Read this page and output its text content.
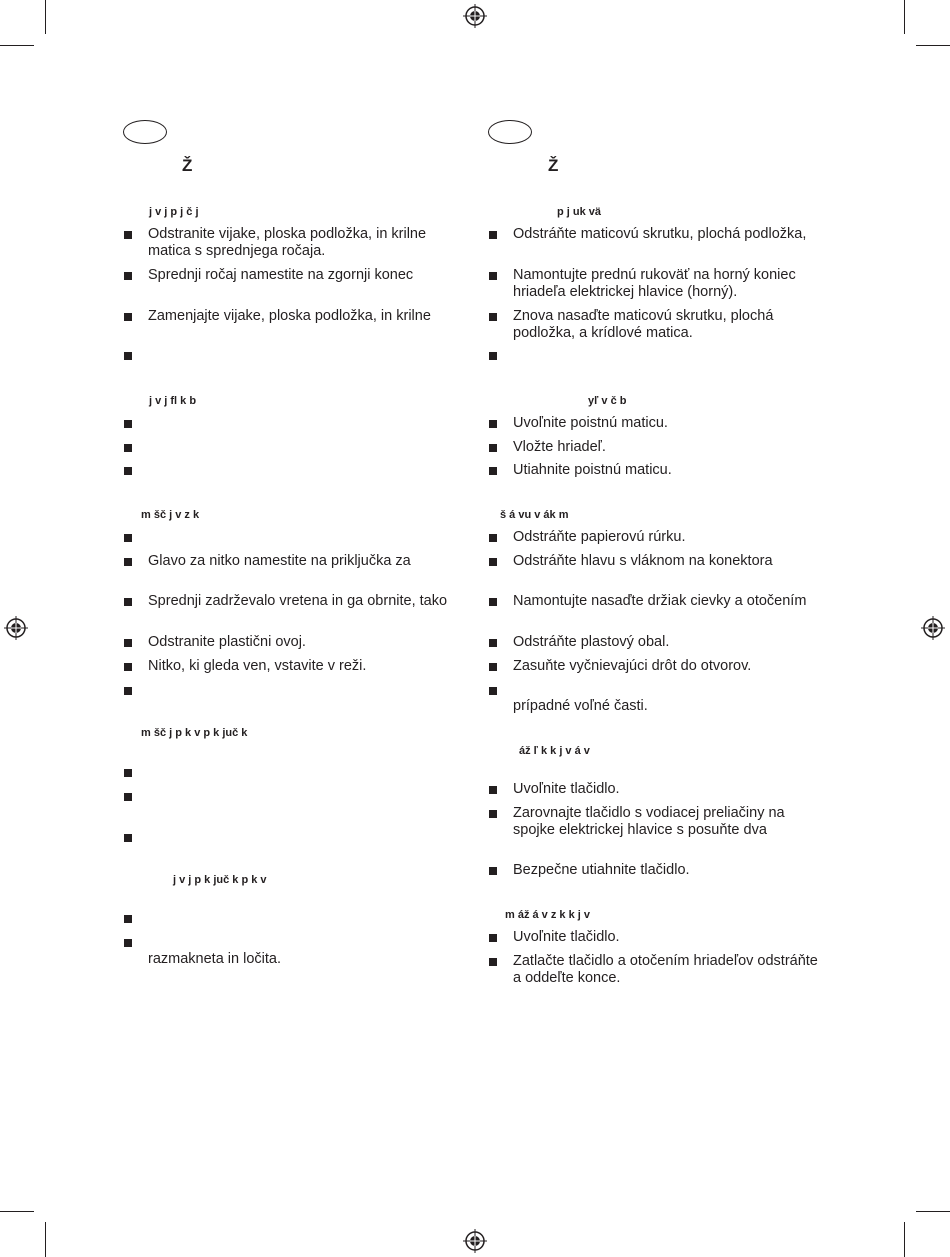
Ž
j v j p j č j
Odstranite vijake, ploska podložka, in krilne
matica s sprednjega ročaja.
Sprednji ročaj namestite na zgornji konec
Zamenjajte vijake, ploska podložka, in krilne
j v j fl k b
m šč j v z k
Glavo za nitko namestite na priključka za
Sprednji zadrževalo vretena in ga obrnite, tako
Odstranite plastični ovoj.
Nitko, ki gleda ven, vstavite v reži.
m šč j p k v p k juč k
j v j p k juč k p k v
razmakneta in ločita.
Ž
p j uk vä
Odstráňte maticovú skrutku, plochá podložka,
Namontujte prednú rukoväť na horný koniec
hriadeľa elektrickej hlavice (horný).
Znova nasaďte maticovú skrutku, plochá
podložka, a krídlové matica.
yľ v č b
Uvoľnite poistnú maticu.
Vložte hriadeľ.
Utiahnite poistnú maticu.
š á vu v ák m
Odstráňte papierovú rúrku.
Odstráňte hlavu s vláknom na konektora
Namontujte nasaďte držiak cievky a otočením
Odstráňte plastový obal.
Zasuňte vyčnievajúci drôt do otvorov.
prípadné voľné časti.
áž ľ k k j v á v
Uvoľnite tlačidlo.
Zarovnajte tlačidlo s vodiacej preliačiny na
spojke elektrickej hlavice s posuňte dva
Bezpečne utiahnite tlačidlo.
m áž á v z k k j v
Uvoľnite tlačidlo.
Zatlačte tlačidlo a otočením hriadeľov odstráňte
a oddeľte konce.
